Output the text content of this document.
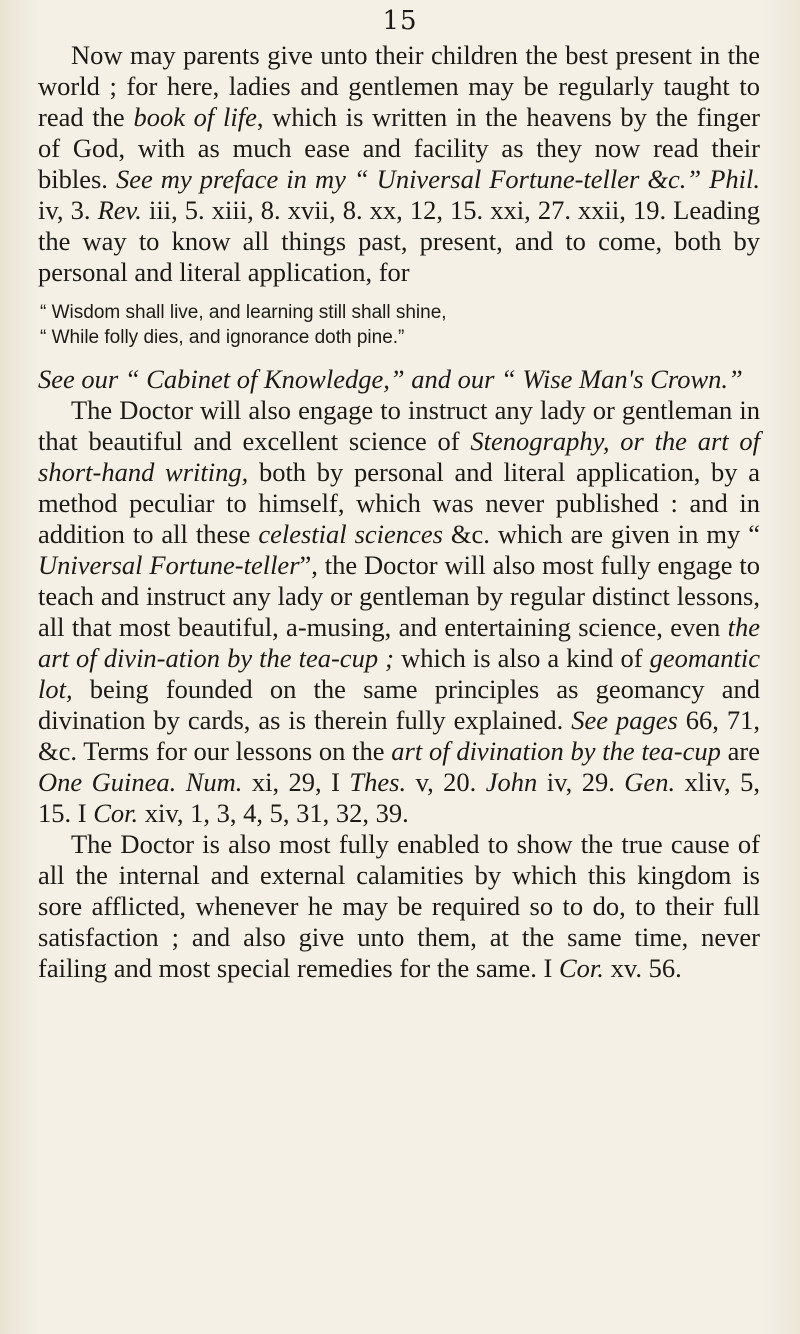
15

Now may parents give unto their children the best present in the world ; for here, ladies and gentlemen may be regularly taught to read the book of life, which is written in the heavens by the finger of God, with as much ease and facility as they now read their bibles. See my preface in my “ Universal Fortune-teller &c.” Phil. iv, 3. Rev. iii, 5. xiii, 8. xvii, 8. xx, 12, 15. xxi, 27. xxii, 19. Leading the way to know all things past, present, and to come, both by personal and literal application, for

“ Wisdom shall live, and learning still shall shine,
“ While folly dies, and ignorance doth pine.”

See our “ Cabinet of Knowledge,” and our “ Wise Man's Crown.”

The Doctor will also engage to instruct any lady or gentleman in that beautiful and excellent science of Stenography, or the art of short-hand writing, both by personal and literal application, by a method peculiar to himself, which was never published : and in addition to all these celestial sciences &c. which are given in my “ Universal Fortune-teller”, the Doctor will also most fully engage to teach and instruct any lady or gentleman by regular distinct lessons, all that most beautiful, a-musing, and entertaining science, even the art of divin-ation by the tea-cup ; which is also a kind of geomantic lot, being founded on the same principles as geomancy and divination by cards, as is therein fully explained. See pages 66, 71, &c. Terms for our lessons on the art of divination by the tea-cup are One Guinea. Num. xi, 29, I Thes. v, 20. John iv, 29. Gen. xliv, 5, 15. I Cor. xiv, 1, 3, 4, 5, 31, 32, 39.

The Doctor is also most fully enabled to show the true cause of all the internal and external calamities by which this kingdom is sore afflicted, whenever he may be required so to do, to their full satisfaction ; and also give unto them, at the same time, never failing and most special remedies for the same. I Cor. xv. 56.
